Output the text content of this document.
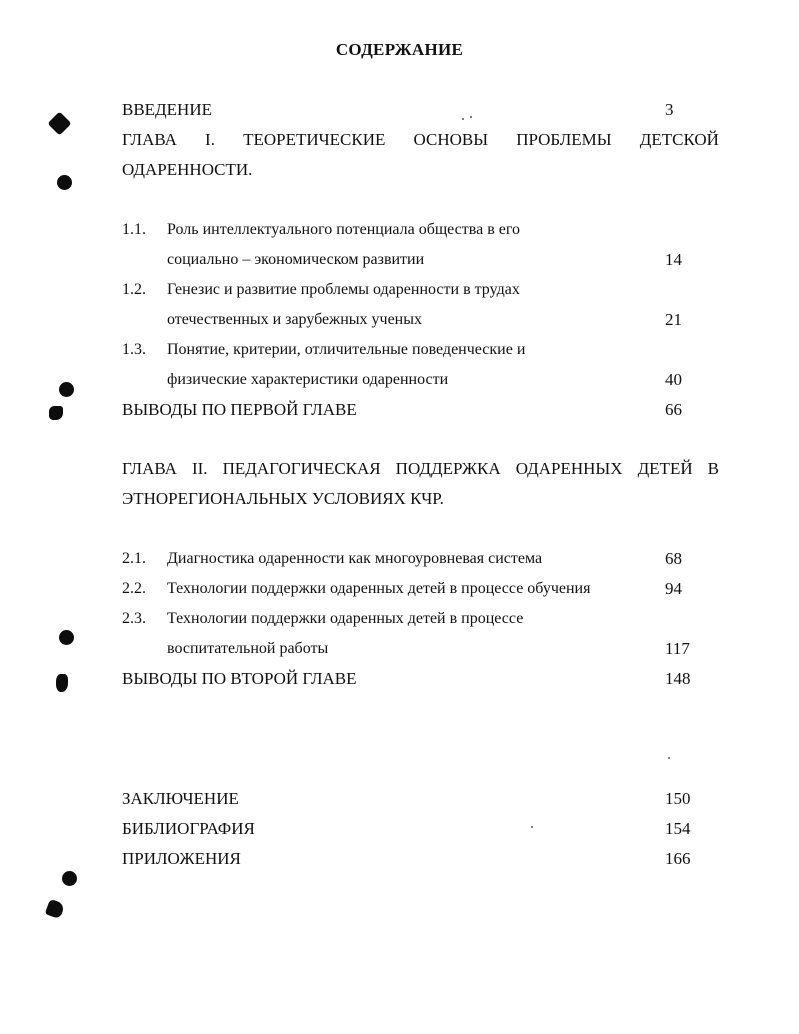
СОДЕРЖАНИЕ
ВВЕДЕНИЕ	3
ГЛАВА I. ТЕОРЕТИЧЕСКИЕ ОСНОВЫ ПРОБЛЕМЫ ДЕТСКОЙ
ОДАРЕННОСТИ.
1.1. Роль интеллектуального потенциала общества в его
социально – экономическом развитии	14
1.2. Генезис и развитие проблемы одаренности в трудах
отечественных и зарубежных ученых	21
1.3. Понятие, критерии, отличительные поведенческие и
физические характеристики одаренности	40
ВЫВОДЫ ПО ПЕРВОЙ ГЛАВЕ	66
ГЛАВА II. ПЕДАГОГИЧЕСКАЯ ПОДДЕРЖКА ОДАРЕННЫХ ДЕТЕЙ В
ЭТНОРЕГИОНАЛЬНЫХ УСЛОВИЯХ КЧР.
2.1. Диагностика одаренности как многоуровневая система	68
2.2. Технологии поддержки одаренных детей в процессе обучения	94
2.3. Технологии поддержки одаренных детей в процессе
воспитательной работы	117
ВЫВОДЫ ПО ВТОРОЙ ГЛАВЕ	148
ЗАКЛЮЧЕНИЕ	150
БИБЛИОГРАФИЯ	154
ПРИЛОЖЕНИЯ	166
